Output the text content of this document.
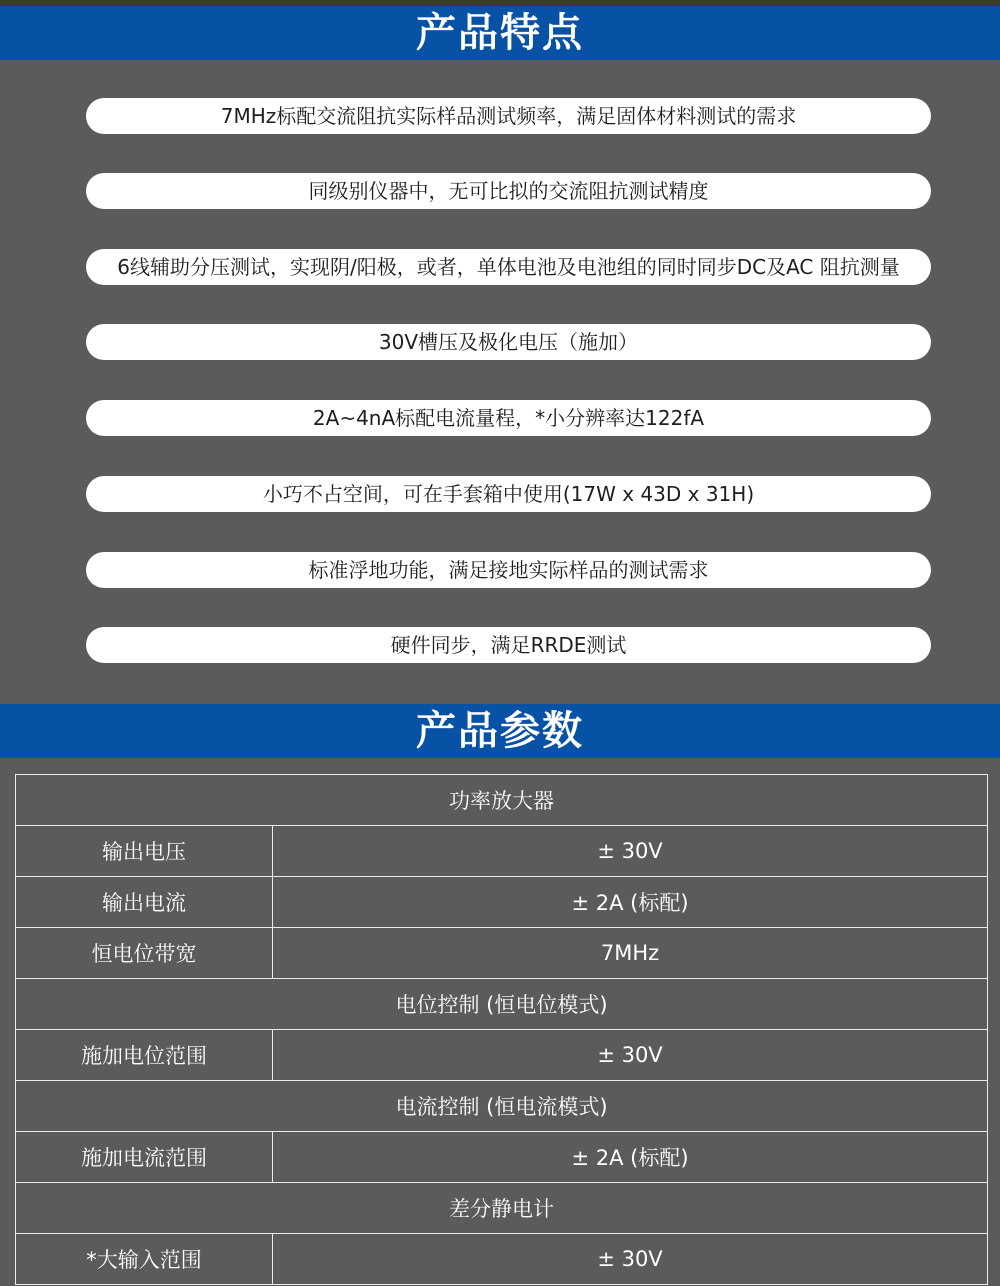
产品特点
7MHz标配交流阻抗实际样品测试频率，满足固体材料测试的需求
同级别仪器中，无可比拟的交流阻抗测试精度
6线辅助分压测试，实现阴/阳极，或者，单体电池及电池组的同时同步DC及AC 阻抗测量
30V槽压及极化电压（施加）
2A~4nA标配电流量程，*小分辨率达122fA
小巧不占空间，可在手套箱中使用(17W x 43D x 31H)
标准浮地功能，满足接地实际样品的测试需求
硬件同步，满足RRDE测试
产品参数
功率放大器	
输出电压	± 30V
输出电流	± 2A (标配)
恒电位带宽	7MHz
电位控制 (恒电位模式)	
施加电位范围	± 30V
电流控制 (恒电流模式)	
施加电流范围	± 2A (标配)
差分静电计	
*大输入范围	± 30V
